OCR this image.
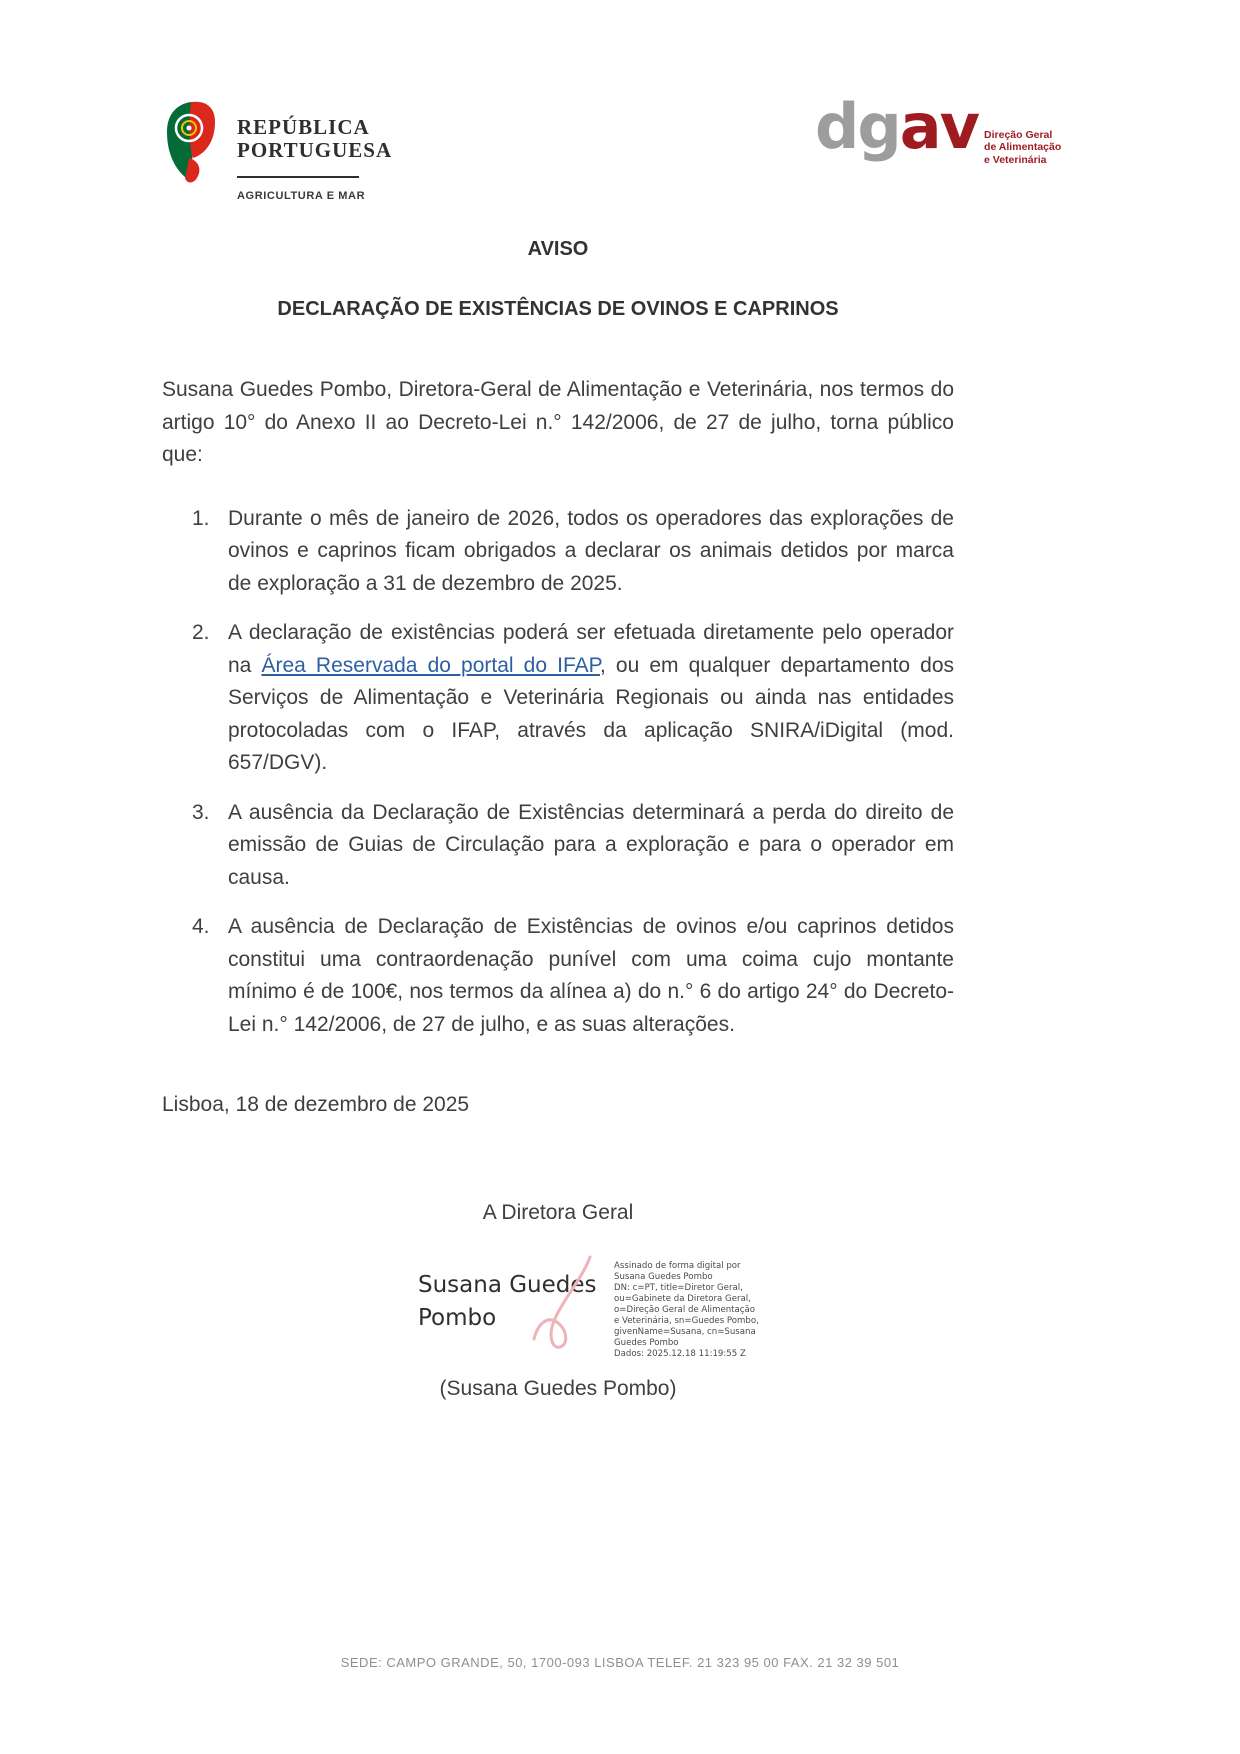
REPÚBLICA
PORTUGUESA
AGRICULTURA E MAR
dgav Direção Geral
de Alimentação
e Veterinária
AVISO
DECLARAÇÃO DE EXISTÊNCIAS DE OVINOS E CAPRINOS

Susana Guedes Pombo, Diretora-Geral de Alimentação e Veterinária, nos termos do artigo 10° do Anexo II ao Decreto-Lei n.° 142/2006, de 27 de julho, torna público que:

1. Durante o mês de janeiro de 2026, todos os operadores das explorações de ovinos e caprinos ficam obrigados a declarar os animais detidos por marca de exploração a 31 de dezembro de 2025.
2. A declaração de existências poderá ser efetuada diretamente pelo operador na Área Reservada do portal do IFAP, ou em qualquer departamento dos Serviços de Alimentação e Veterinária Regionais ou ainda nas entidades protocoladas com o IFAP, através da aplicação SNIRA/iDigital (mod. 657/DGV).
3. A ausência da Declaração de Existências determinará a perda do direito de emissão de Guias de Circulação para a exploração e para o operador em causa.
4. A ausência de Declaração de Existências de ovinos e/ou caprinos detidos constitui uma contraordenação punível com uma coima cujo montante mínimo é de 100€, nos termos da alínea a) do n.° 6 do artigo 24° do Decreto-Lei n.° 142/2006, de 27 de julho, e as suas alterações.

Lisboa, 18 de dezembro de 2025

A Diretora Geral

Susana Guedes Pombo
Assinado de forma digital por Susana Guedes Pombo
DN: c=PT, title=Diretor Geral, ou=Gabinete da Diretora Geral, o=Direção Geral de Alimentação e Veterinária, sn=Guedes Pombo, givenName=Susana, cn=Susana Guedes Pombo
Dados: 2025.12.18 11:19:55 Z

(Susana Guedes Pombo)

SEDE: CAMPO GRANDE, 50, 1700-093 LISBOA TELEF. 21 323 95 00 FAX. 21 32 39 501
